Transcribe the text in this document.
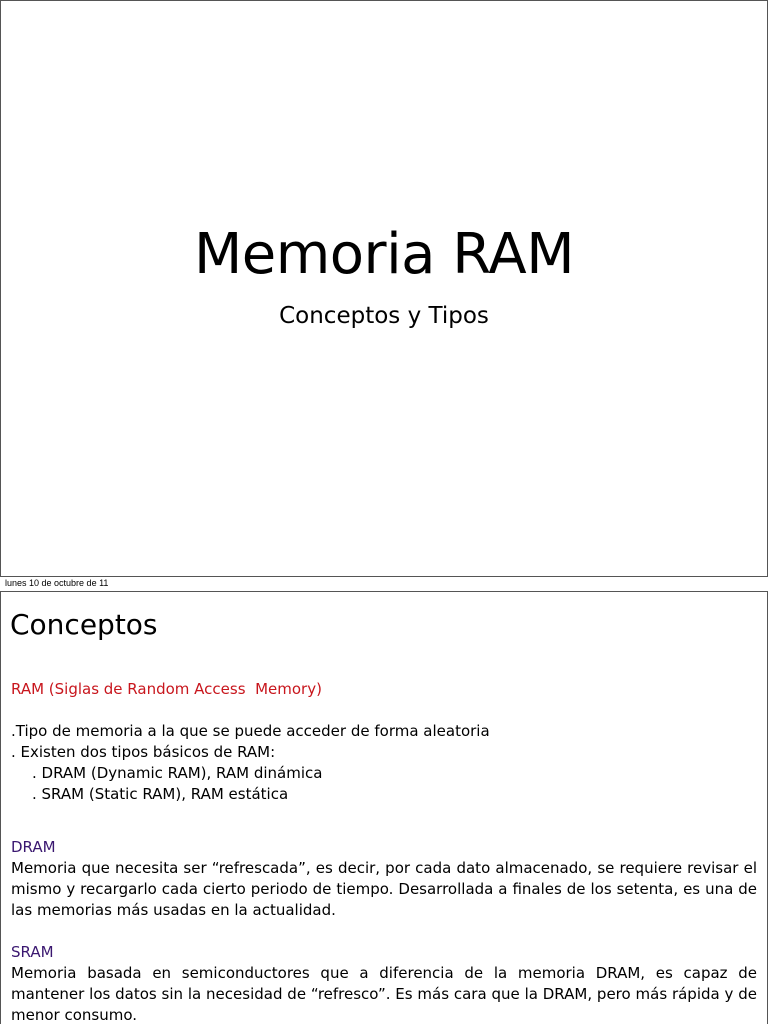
Memoria RAM
Conceptos y Tipos
lunes 10 de octubre de 11
Conceptos
RAM (Siglas de Random Access  Memory)
.Tipo de memoria a la que se puede acceder de forma aleatoria
. Existen dos tipos básicos de RAM:
. DRAM (Dynamic RAM), RAM dinámica
. SRAM (Static RAM), RAM estática
DRAM
Memoria que necesita ser “refrescada”, es decir, por cada dato almacenado, se requiere revisar el mismo y recargarlo cada cierto periodo de tiempo. Desarrollada a finales de los setenta, es una de las memorias más usadas en la actualidad.
SRAM
Memoria basada en semiconductores que a diferencia de la memoria DRAM, es capaz de mantener los datos sin la necesidad de “refresco”. Es más cara que la DRAM, pero más rápida y de menor consumo.
